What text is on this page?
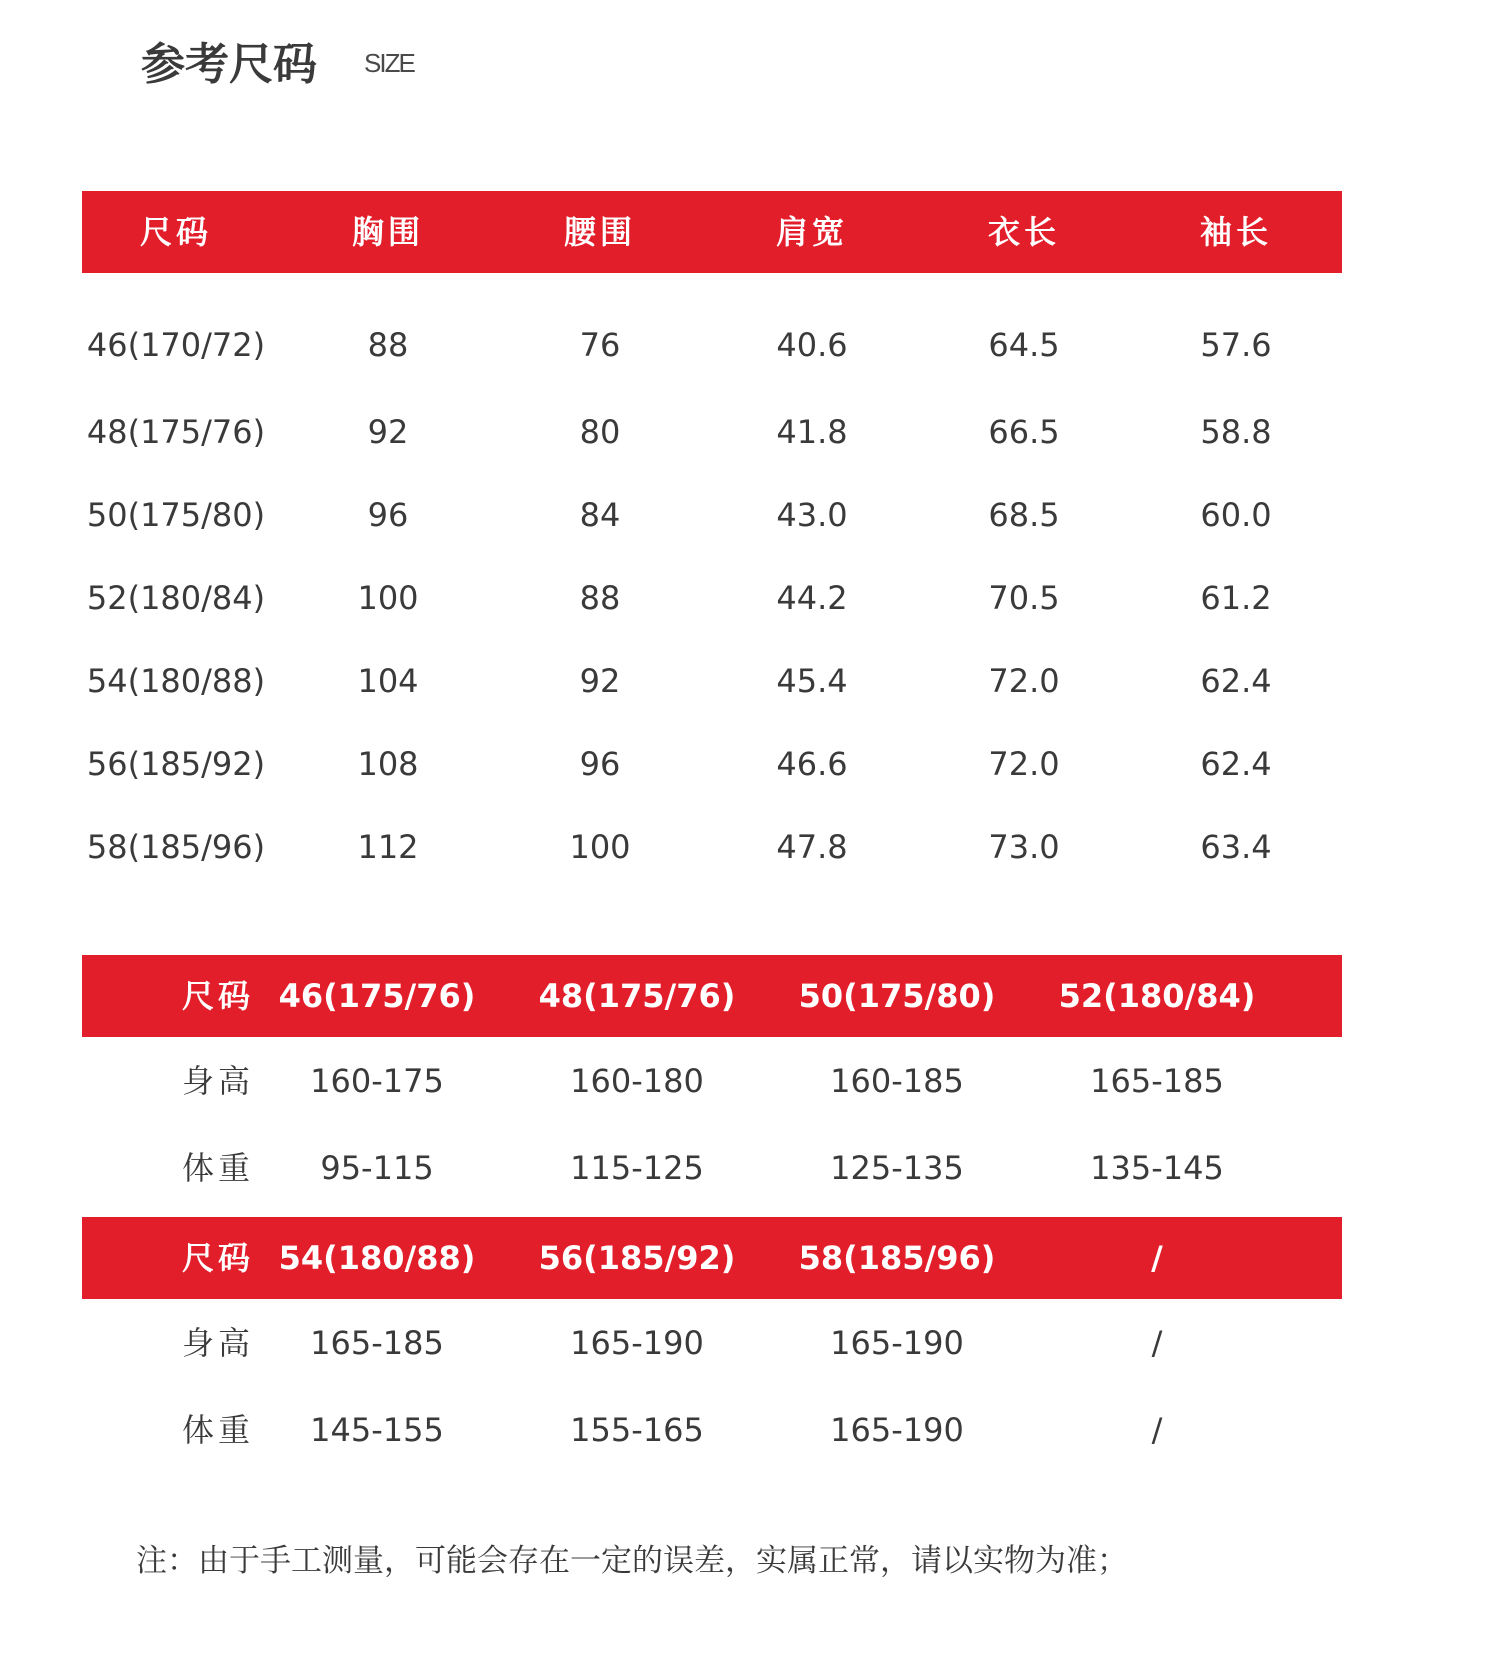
参考尺码 SIZE
尺码	胸围	腰围	肩宽	衣长	袖长
46(170/72)	88	76	40.6	64.5	57.6
48(175/76)	92	80	41.8	66.5	58.8
50(175/80)	96	84	43.0	68.5	60.0
52(180/84)	100	88	44.2	70.5	61.2
54(180/88)	104	92	45.4	72.0	62.4
56(185/92)	108	96	46.6	72.0	62.4
58(185/96)	112	100	47.8	73.0	63.4
尺码 46(175/76)	48(175/76)	50(175/80)	52(180/84)
身高	160-175	160-180	160-185	165-185
体重	95-115	115-125	125-135	135-145
尺码 54(180/88)	56(185/92)	58(185/96)	/
身高	165-185	165-190	165-190	/
体重	145-155	155-165	165-190	/
注：由于手工测量，可能会存在一定的误差，实属正常，请以实物为准；
